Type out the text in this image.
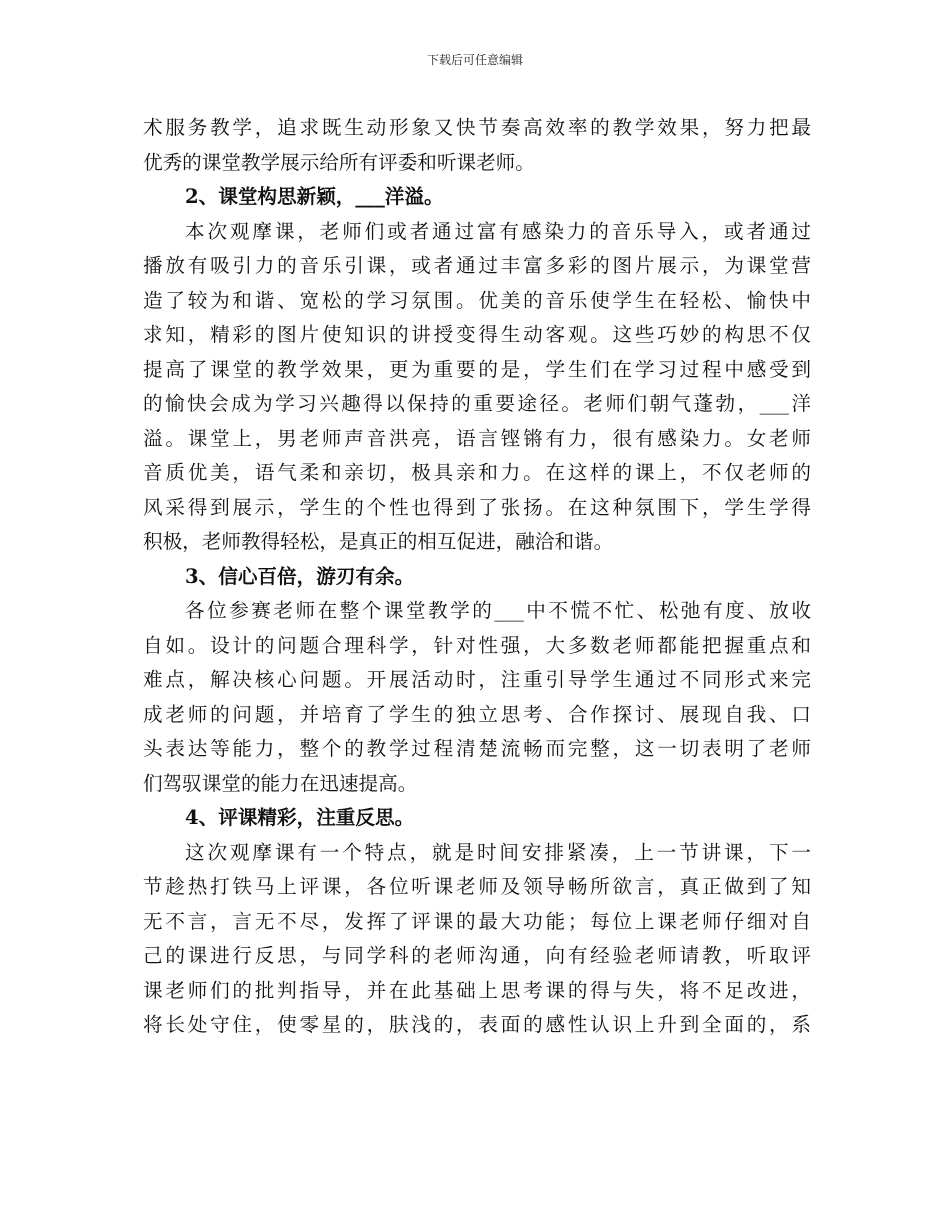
下载后可任意编辑
术服务教学，追求既生动形象又快节奏高效率的教学效果，努力把最
优秀的课堂教学展示给所有评委和听课老师。
2、课堂构思新颖，___洋溢。
本次观摩课，老师们或者通过富有感染力的音乐导入，或者通过
播放有吸引力的音乐引课，或者通过丰富多彩的图片展示，为课堂营
造了较为和谐、宽松的学习氛围。优美的音乐使学生在轻松、愉快中
求知，精彩的图片使知识的讲授变得生动客观。这些巧妙的构思不仅
提高了课堂的教学效果，更为重要的是，学生们在学习过程中感受到
的愉快会成为学习兴趣得以保持的重要途径。老师们朝气蓬勃，___洋
溢。课堂上，男老师声音洪亮，语言铿锵有力，很有感染力。女老师
音质优美，语气柔和亲切，极具亲和力。在这样的课上，不仅老师的
风采得到展示，学生的个性也得到了张扬。在这种氛围下，学生学得
积极，老师教得轻松，是真正的相互促进，融洽和谐。
3、信心百倍，游刃有余。
各位参赛老师在整个课堂教学的___中不慌不忙、松弛有度、放收
自如。设计的问题合理科学，针对性强，大多数老师都能把握重点和
难点，解决核心问题。开展活动时，注重引导学生通过不同形式来完
成老师的问题，并培育了学生的独立思考、合作探讨、展现自我、口
头表达等能力，整个的教学过程清楚流畅而完整，这一切表明了老师
们驾驭课堂的能力在迅速提高。
4、评课精彩，注重反思。
这次观摩课有一个特点，就是时间安排紧凑，上一节讲课，下一
节趁热打铁马上评课，各位听课老师及领导畅所欲言，真正做到了知
无不言，言无不尽，发挥了评课的最大功能；每位上课老师仔细对自
己的课进行反思，与同学科的老师沟通，向有经验老师请教，听取评
课老师们的批判指导，并在此基础上思考课的得与失，将不足改进，
将长处守住，使零星的，肤浅的，表面的感性认识上升到全面的，系
